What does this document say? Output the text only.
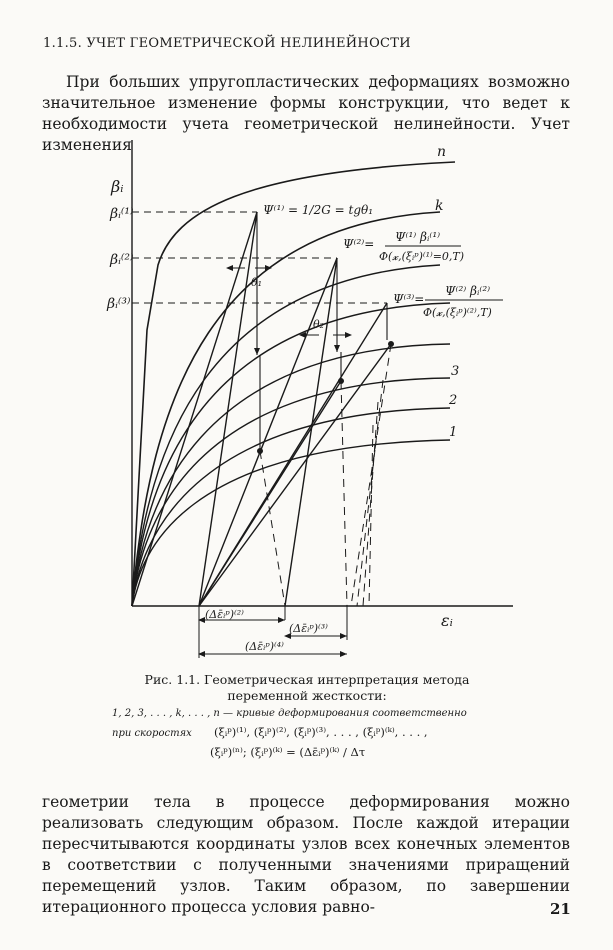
1.1.5. УЧЕТ ГЕОМЕТРИЧЕСКОЙ НЕЛИНЕЙНОСТИ
При больших упругопластических деформациях возможно значительное изменение формы конструкции, что ведет к необходимости учета геометрической нелинейности. Учет изменения
βᵢ
εᵢ
βᵢ⁽¹⁾
βᵢ⁽²⁾
βᵢ⁽³⁾
n
k
3
2
1
Ψ⁽¹⁾ = 1/2G = tgθ₁
Ψ⁽²⁾= Ψ⁽¹⁾ βᵢ⁽¹⁾
Φ(𝔁,(ξᵢᵖ)⁽¹⁾=0,T)
Ψ⁽³⁾=
Ψ⁽²⁾ βᵢ⁽²⁾
Φ(𝔁,(ξᵢᵖ)⁽²⁾,T)
θ₁
θ₂
(Δε̄ᵢᵖ)⁽²⁾
(Δε̄ᵢᵖ)⁽³⁾
(Δε̄ᵢᵖ)⁽⁴⁾
Рис. 1.1. Геометрическая интерпретация метода переменной жесткости:
1, 2, 3, . . . , k, . . . , n — кривые деформирования соответственно
при скоростях	(ξᵢᵖ)⁽¹⁾, (ξᵢᵖ)⁽²⁾, (ξᵢᵖ)⁽³⁾, . . . , (ξᵢᵖ)⁽ᵏ⁾, . . . ,
(ξᵢᵖ)⁽ⁿ⁾; (ξᵢᵖ)⁽ᵏ⁾ = (Δε̄ᵢᵖ)⁽ᵏ⁾ / Δτ
геометрии тела в процессе деформирования можно реализовать следующим образом. После каждой итерации пересчитываются координаты узлов всех конечных элементов в соответствии с полученными значениями приращений перемещений узлов. Таким образом, по завершении итерационного процесса условия равно-	21
